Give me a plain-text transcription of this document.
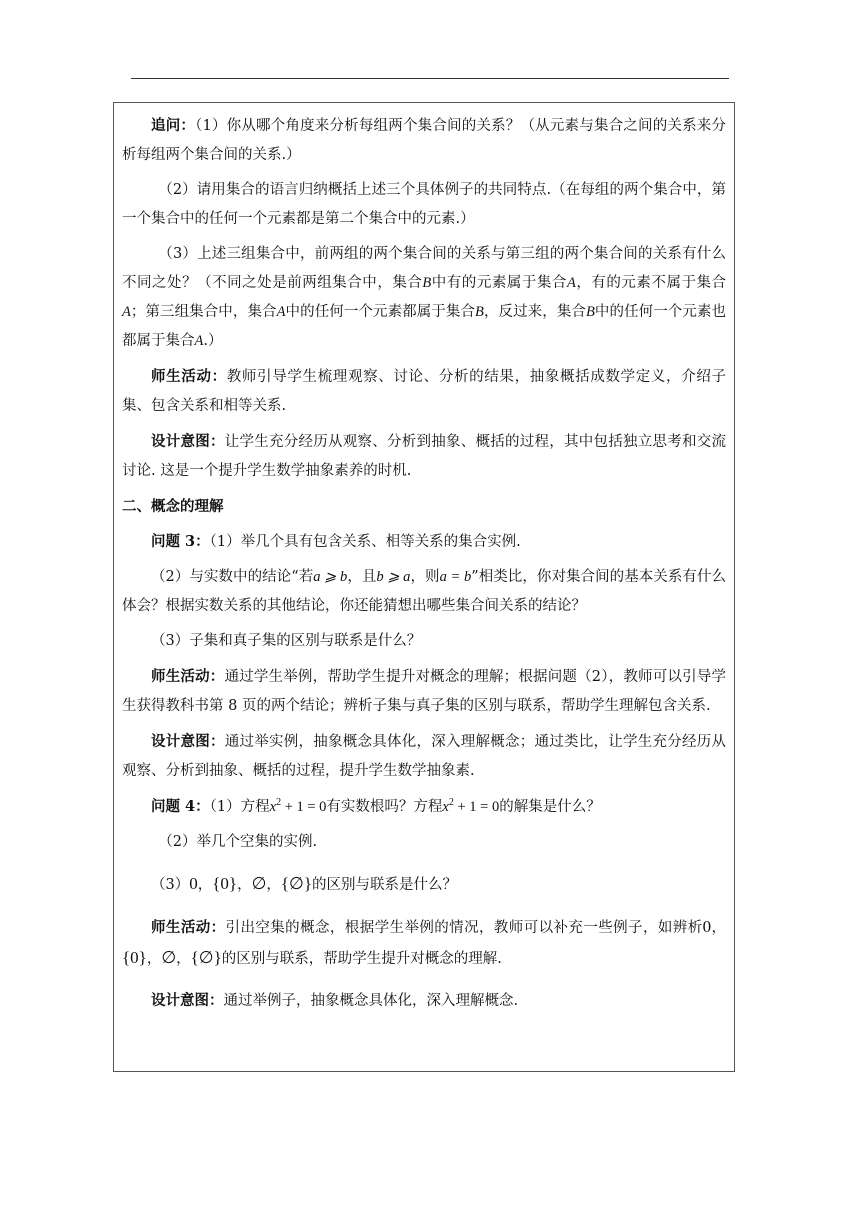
追问：（1）你从哪个角度来分析每组两个集合间的关系？（从元素与集合之间的关系来分析每组两个集合间的关系.）

（2）请用集合的语言归纳概括上述三个具体例子的共同特点.（在每组的两个集合中，第一个集合中的任何一个元素都是第二个集合中的元素.）

（3）上述三组集合中，前两组的两个集合间的关系与第三组的两个集合间的关系有什么不同之处？（不同之处是前两组集合中，集合B中有的元素属于集合A，有的元素不属于集合A；第三组集合中，集合A中的任何一个元素都属于集合B，反过来，集合B中的任何一个元素也都属于集合A.）

师生活动：教师引导学生梳理观察、讨论、分析的结果，抽象概括成数学定义，介绍子集、包含关系和相等关系.

设计意图：让学生充分经历从观察、分析到抽象、概括的过程，其中包括独立思考和交流讨论. 这是一个提升学生数学抽象素养的时机.

二、概念的理解

问题 3：（1）举几个具有包含关系、相等关系的集合实例.

（2）与实数中的结论“若a ⩾ b，且b ⩾ a，则a = b”相类比，你对集合间的基本关系有什么体会？根据实数关系的其他结论，你还能猜想出哪些集合间关系的结论？

（3）子集和真子集的区别与联系是什么？

师生活动：通过学生举例，帮助学生提升对概念的理解；根据问题（2），教师可以引导学生获得教科书第 8 页的两个结论；辨析子集与真子集的区别与联系，帮助学生理解包含关系.

设计意图：通过举实例，抽象概念具体化，深入理解概念；通过类比，让学生充分经历从观察、分析到抽象、概括的过程，提升学生数学抽象素.

问题 4：（1）方程$x^2 + 1 = 0$有实数根吗？方程$x^2 + 1 = 0$的解集是什么？

（2）举几个空集的实例.

（3）0，{0}，∅，{∅}的区别与联系是什么？

师生活动：引出空集的概念，根据学生举例的情况，教师可以补充一些例子，如辨析0，{0}，∅，{∅}的区别与联系，帮助学生提升对概念的理解.

设计意图：通过举例子，抽象概念具体化，深入理解概念.
